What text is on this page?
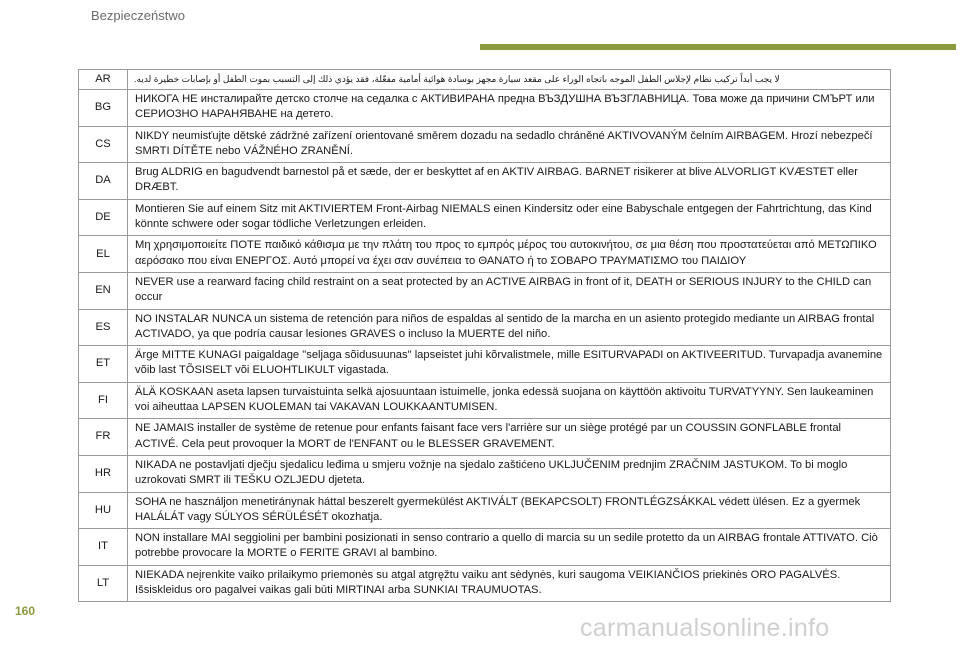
Bezpieczeństwo
AR	لا يجب أبداً تركيب نظام لإجلاس الطفل الموجه باتجاه الوراء على مقعد سيارة مجهز بوسادة هوائية أمامية مفعّلة، فقد يؤدي ذلك إلى التسبب بموت الطفل أو بإصابات خطيرة لديه.
BG	НИКОГА НЕ инсталирайте детско столче на седалка с АКТИВИРАНА предна ВЪЗДУШНА ВЪЗГЛАВНИЦА. Това може да причини СМЪРТ или СЕРИОЗНО НАРАНЯВАНЕ на детето.
CS	NIKDY neumisťujte dětské zádržné zařízení orientované směrem dozadu na sedadlo chráněné AKTIVOVANÝM čelním AIRBAGEM. Hrozí nebezpečí SMRTI DÍTĚTE nebo VÁŽNÉHO ZRANĚNÍ.
DA	Brug ALDRIG en bagudvendt barnestol på et sæde, der er beskyttet af en AKTIV AIRBAG. BARNET risikerer at blive ALVORLIGT KVÆSTET eller DRÆBT.
DE	Montieren Sie auf einem Sitz mit AKTIVIERTEM Front-Airbag NIEMALS einen Kindersitz oder eine Babyschale entgegen der Fahrtrichtung, das Kind könnte schwere oder sogar tödliche Verletzungen erleiden.
EL	Μη χρησιμοποιείτε ΠΟΤΕ παιδικό κάθισμα με την πλάτη του προς το εμπρός μέρος του αυτοκινήτου, σε μια θέση που προστατεύεται από ΜΕΤΩΠΙΚΟ αερόσακο που είναι ΕΝΕΡΓΟΣ. Αυτό μπορεί να έχει σαν συνέπεια το ΘΑΝΑΤΟ ή το ΣΟΒΑΡΟ ΤΡΑΥΜΑΤΙΣΜΟ του ΠΑΙΔΙΟΥ
EN	NEVER use a rearward facing child restraint on a seat protected by an ACTIVE AIRBAG in front of it, DEATH or SERIOUS INJURY to the CHILD can occur
ES	NO INSTALAR NUNCA un sistema de retención para niños de espaldas al sentido de la marcha en un asiento protegido mediante un AIRBAG frontal ACTIVADO, ya que podría causar lesiones GRAVES o incluso la MUERTE del niño.
ET	Ärge MITTE KUNAGI paigaldage "seljaga sõidusuunas" lapseistet juhi kõrvalistmele, mille ESITURVAPADI on AKTIVEERITUD. Turvapadja avanemine võib last TÕSISELT või ELUOHTLIKULT vigastada.
FI	ÄLÄ KOSKAAN aseta lapsen turvaistuinta selkä ajosuuntaan istuimelle, jonka edessä suojana on käyttöön aktivoitu TURVATYYNY. Sen laukeaminen voi aiheuttaa LAPSEN KUOLEMAN tai VAKAVAN LOUKKAANTUMISEN.
FR	NE JAMAIS installer de système de retenue pour enfants faisant face vers l'arrière sur un siège protégé par un COUSSIN GONFLABLE frontal ACTIVÉ. Cela peut provoquer la MORT de l'ENFANT ou le BLESSER GRAVEMENT.
HR	NIKADA ne postavljati dječju sjedalicu leđima u smjeru vožnje na sjedalo zaštićeno UKLJUČENIM prednjim ZRAČNIM JASTUKOM. To bi moglo uzrokovati SMRT ili TEŠKU OZLJEDU djeteta.
HU	SOHA ne használjon menetiránynak háttal beszerelt gyermekülést AKTIVÁLT (BEKAPCSOLT) FRONTLÉGZSÁKKAL védett ülésen. Ez a gyermek HALÁLÁT vagy SÚLYOS SÉRÜLÉSÉT okozhatja.
IT	NON installare MAI seggiolini per bambini posizionati in senso contrario a quello di marcia su un sedile protetto da un AIRBAG frontale ATTIVATO. Ciò potrebbe provocare la MORTE o FERITE GRAVI al bambino.
LT	NIEKADA neįrenkite vaiko prilaikymo priemonės su atgal atgręžtu vaiku ant sėdynės, kuri saugoma VEIKIANČIOS priekinės ORO PAGALVĖS. Išsiskleidus oro pagalvei vaikas gali būti MIRTINAI arba SUNKIAI TRAUMUOTAS.
160
carmanualsonline.info
